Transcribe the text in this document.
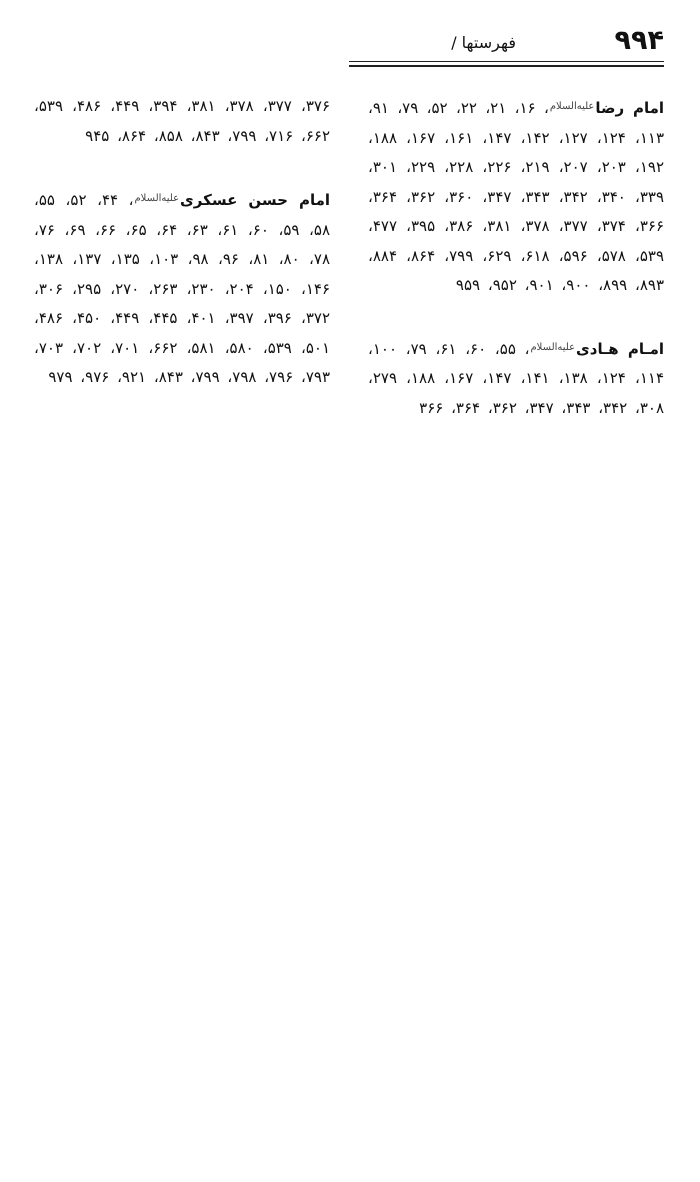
۹۹۴
فهرستها /
امام رضاعلیه‌السلام، ۱۶، ۲۱، ۲۲، ۵۲، ۷۹، ۹۱، ۱۱۳، ۱۲۴، ۱۲۷، ۱۴۲، ۱۴۷، ۱۶۱، ۱۶۷، ۱۸۸، ۱۹۲، ۲۰۳، ۲۰۷، ۲۱۹، ۲۲۶، ۲۲۸، ۲۲۹، ۳۰۱، ۳۳۹، ۳۴۰، ۳۴۲، ۳۴۳، ۳۴۷، ۳۶۰، ۳۶۲، ۳۶۴، ۳۶۶، ۳۷۴، ۳۷۷، ۳۷۸، ۳۸۱، ۳۸۶، ۳۹۵، ۴۷۷، ۵۳۹، ۵۷۸، ۵۹۶، ۶۱۸، ۶۲۹، ۷۹۹، ۸۶۴، ۸۸۴، ۸۹۳، ۸۹۹، ۹۰۰، ۹۰۱، ۹۵۲، ۹۵۹
امـام هـادیعلیه‌السلام، ۵۵، ۶۰، ۶۱، ۷۹، ۱۰۰، ۱۱۴، ۱۲۴، ۱۳۸، ۱۴۱، ۱۴۷، ۱۶۷، ۱۸۸، ۲۷۹، ۳۰۸، ۳۴۲، ۳۴۳، ۳۴۷، ۳۶۲، ۳۶۴، ۳۶۶
۳۷۶، ۳۷۷، ۳۷۸، ۳۸۱، ۳۹۴، ۴۴۹، ۴۸۶، ۵۳۹، ۶۶۲، ۷۱۶، ۷۹۹، ۸۴۳، ۸۵۸، ۸۶۴، ۹۴۵
امام حسن عسکریعلیه‌السلام، ۴۴، ۵۲، ۵۵، ۵۸، ۵۹، ۶۰، ۶۱، ۶۳، ۶۴، ۶۵، ۶۶، ۶۹، ۷۶، ۷۸، ۸۰، ۸۱، ۹۶، ۹۸، ۱۰۳، ۱۳۵، ۱۳۷، ۱۳۸، ۱۴۶، ۱۵۰، ۲۰۴، ۲۳۰، ۲۶۳، ۲۷۰، ۲۹۵، ۳۰۶، ۳۷۲، ۳۹۶، ۳۹۷، ۴۰۱، ۴۴۵، ۴۴۹، ۴۵۰، ۴۸۶، ۵۰۱، ۵۳۹، ۵۸۰، ۵۸۱، ۶۶۲، ۷۰۱، ۷۰۲، ۷۰۳، ۷۹۳، ۷۹۶، ۷۹۸، ۷۹۹، ۸۴۳، ۹۲۱، ۹۷۶، ۹۷۹
